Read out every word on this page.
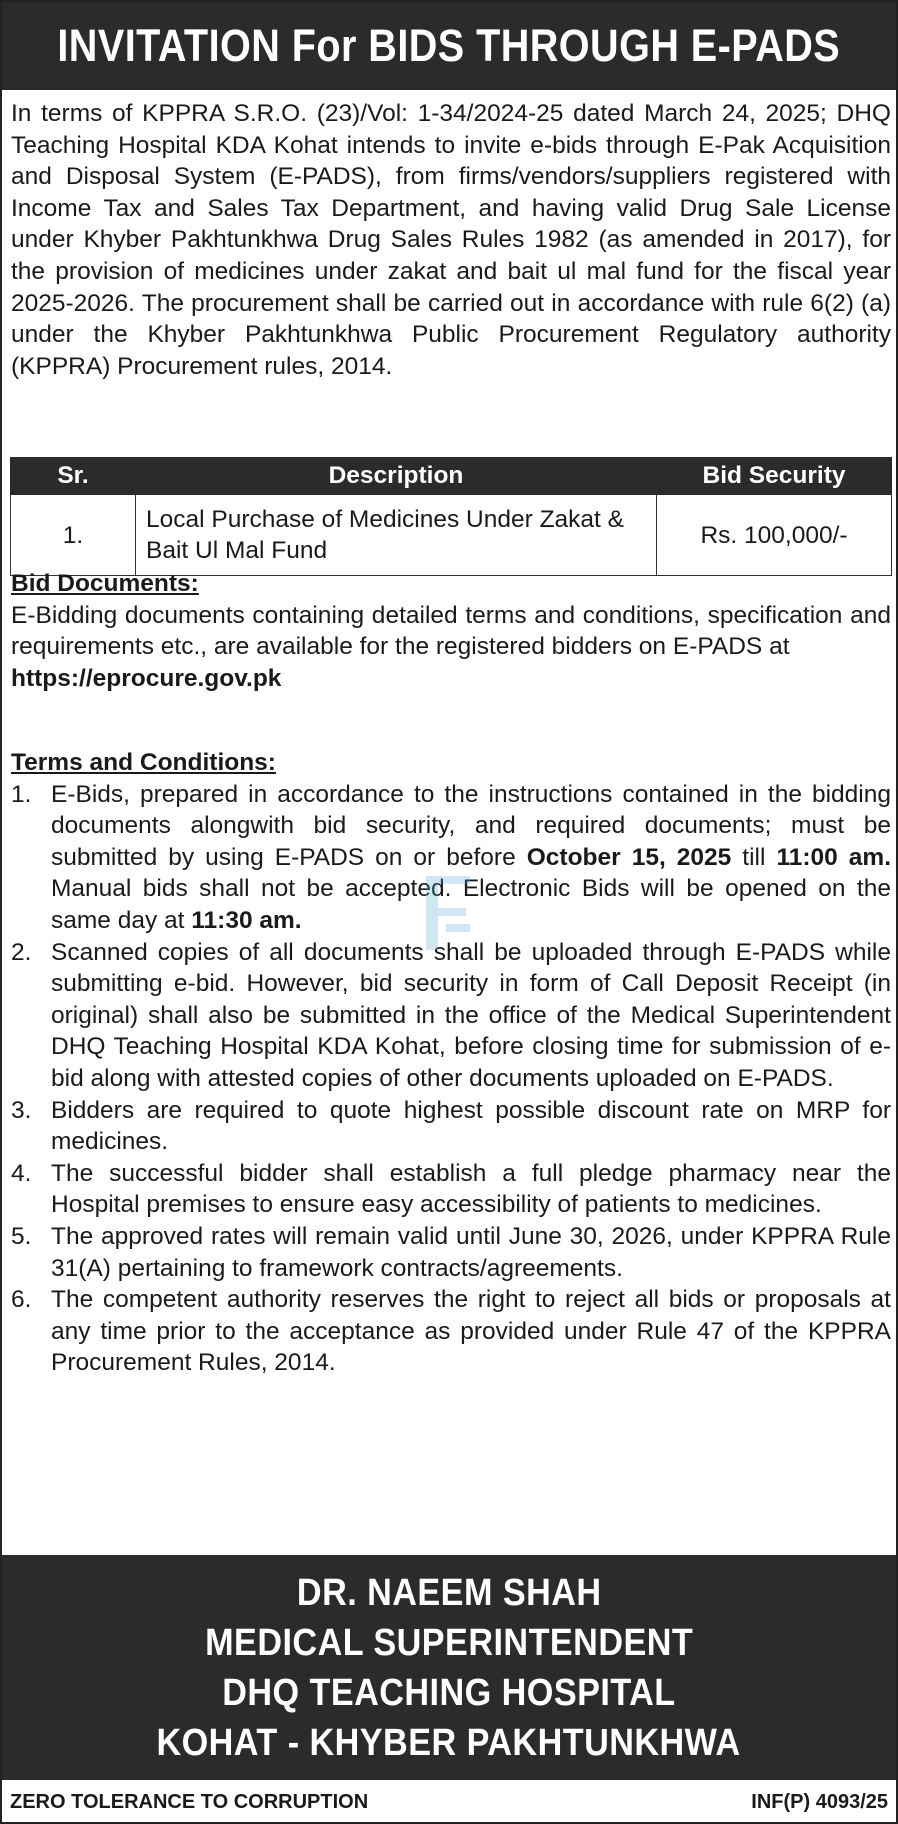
INVITATION For BIDS THROUGH E-PADS

In terms of KPPRA S.R.O. (23)/Vol: 1-34/2024-25 dated March 24, 2025; DHQ Teaching Hospital KDA Kohat intends to invite e-bids through E-Pak Acquisition and Disposal System (E-PADS), from firms/vendors/suppliers registered with Income Tax and Sales Tax Department, and having valid Drug Sale License under Khyber Pakhtunkhwa Drug Sales Rules 1982 (as amended in 2017), for the provision of medicines under zakat and bait ul mal fund for the fiscal year 2025-2026. The procurement shall be carried out in accordance with rule 6(2) (a) under the Khyber Pakhtunkhwa Public Procurement Regulatory authority (KPPRA) Procurement rules, 2014.

Sr.	Description	Bid Security
1.	Local Purchase of Medicines Under Zakat & Bait Ul Mal Fund	Rs. 100,000/-
Bid Documents:

E-Bidding documents containing detailed terms and conditions, specification and requirements etc., are available for the registered bidders on E-PADS at

https://eprocure.gov.pk
Terms and Conditions:
1. E-Bids, prepared in accordance to the instructions contained in the bidding documents alongwith bid security, and required documents; must be submitted by using E-PADS on or before October 15, 2025 till 11:00 am. Manual bids shall not be accepted. Electronic Bids will be opened on the same day at 11:30 am.
2. Scanned copies of all documents shall be uploaded through E-PADS while submitting e-bid. However, bid security in form of Call Deposit Receipt (in original) shall also be submitted in the office of the Medical Superintendent DHQ Teaching Hospital KDA Kohat, before closing time for submission of e-bid along with attested copies of other documents uploaded on E-PADS.
3. Bidders are required to quote highest possible discount rate on MRP for medicines.
4. The successful bidder shall establish a full pledge pharmacy near the Hospital premises to ensure easy accessibility of patients to medicines.
5. The approved rates will remain valid until June 30, 2026, under KPPRA Rule 31(A) pertaining to framework contracts/agreements.
6. The competent authority reserves the right to reject all bids or proposals at any time prior to the acceptance as provided under Rule 47 of the KPPRA Procurement Rules, 2014.
DR. NAEEM SHAH
MEDICAL SUPERINTENDENT
DHQ TEACHING HOSPITAL
KOHAT - KHYBER PAKHTUNKHWA
ZERO TOLERANCE TO CORRUPTION	INF(P) 4093/25
